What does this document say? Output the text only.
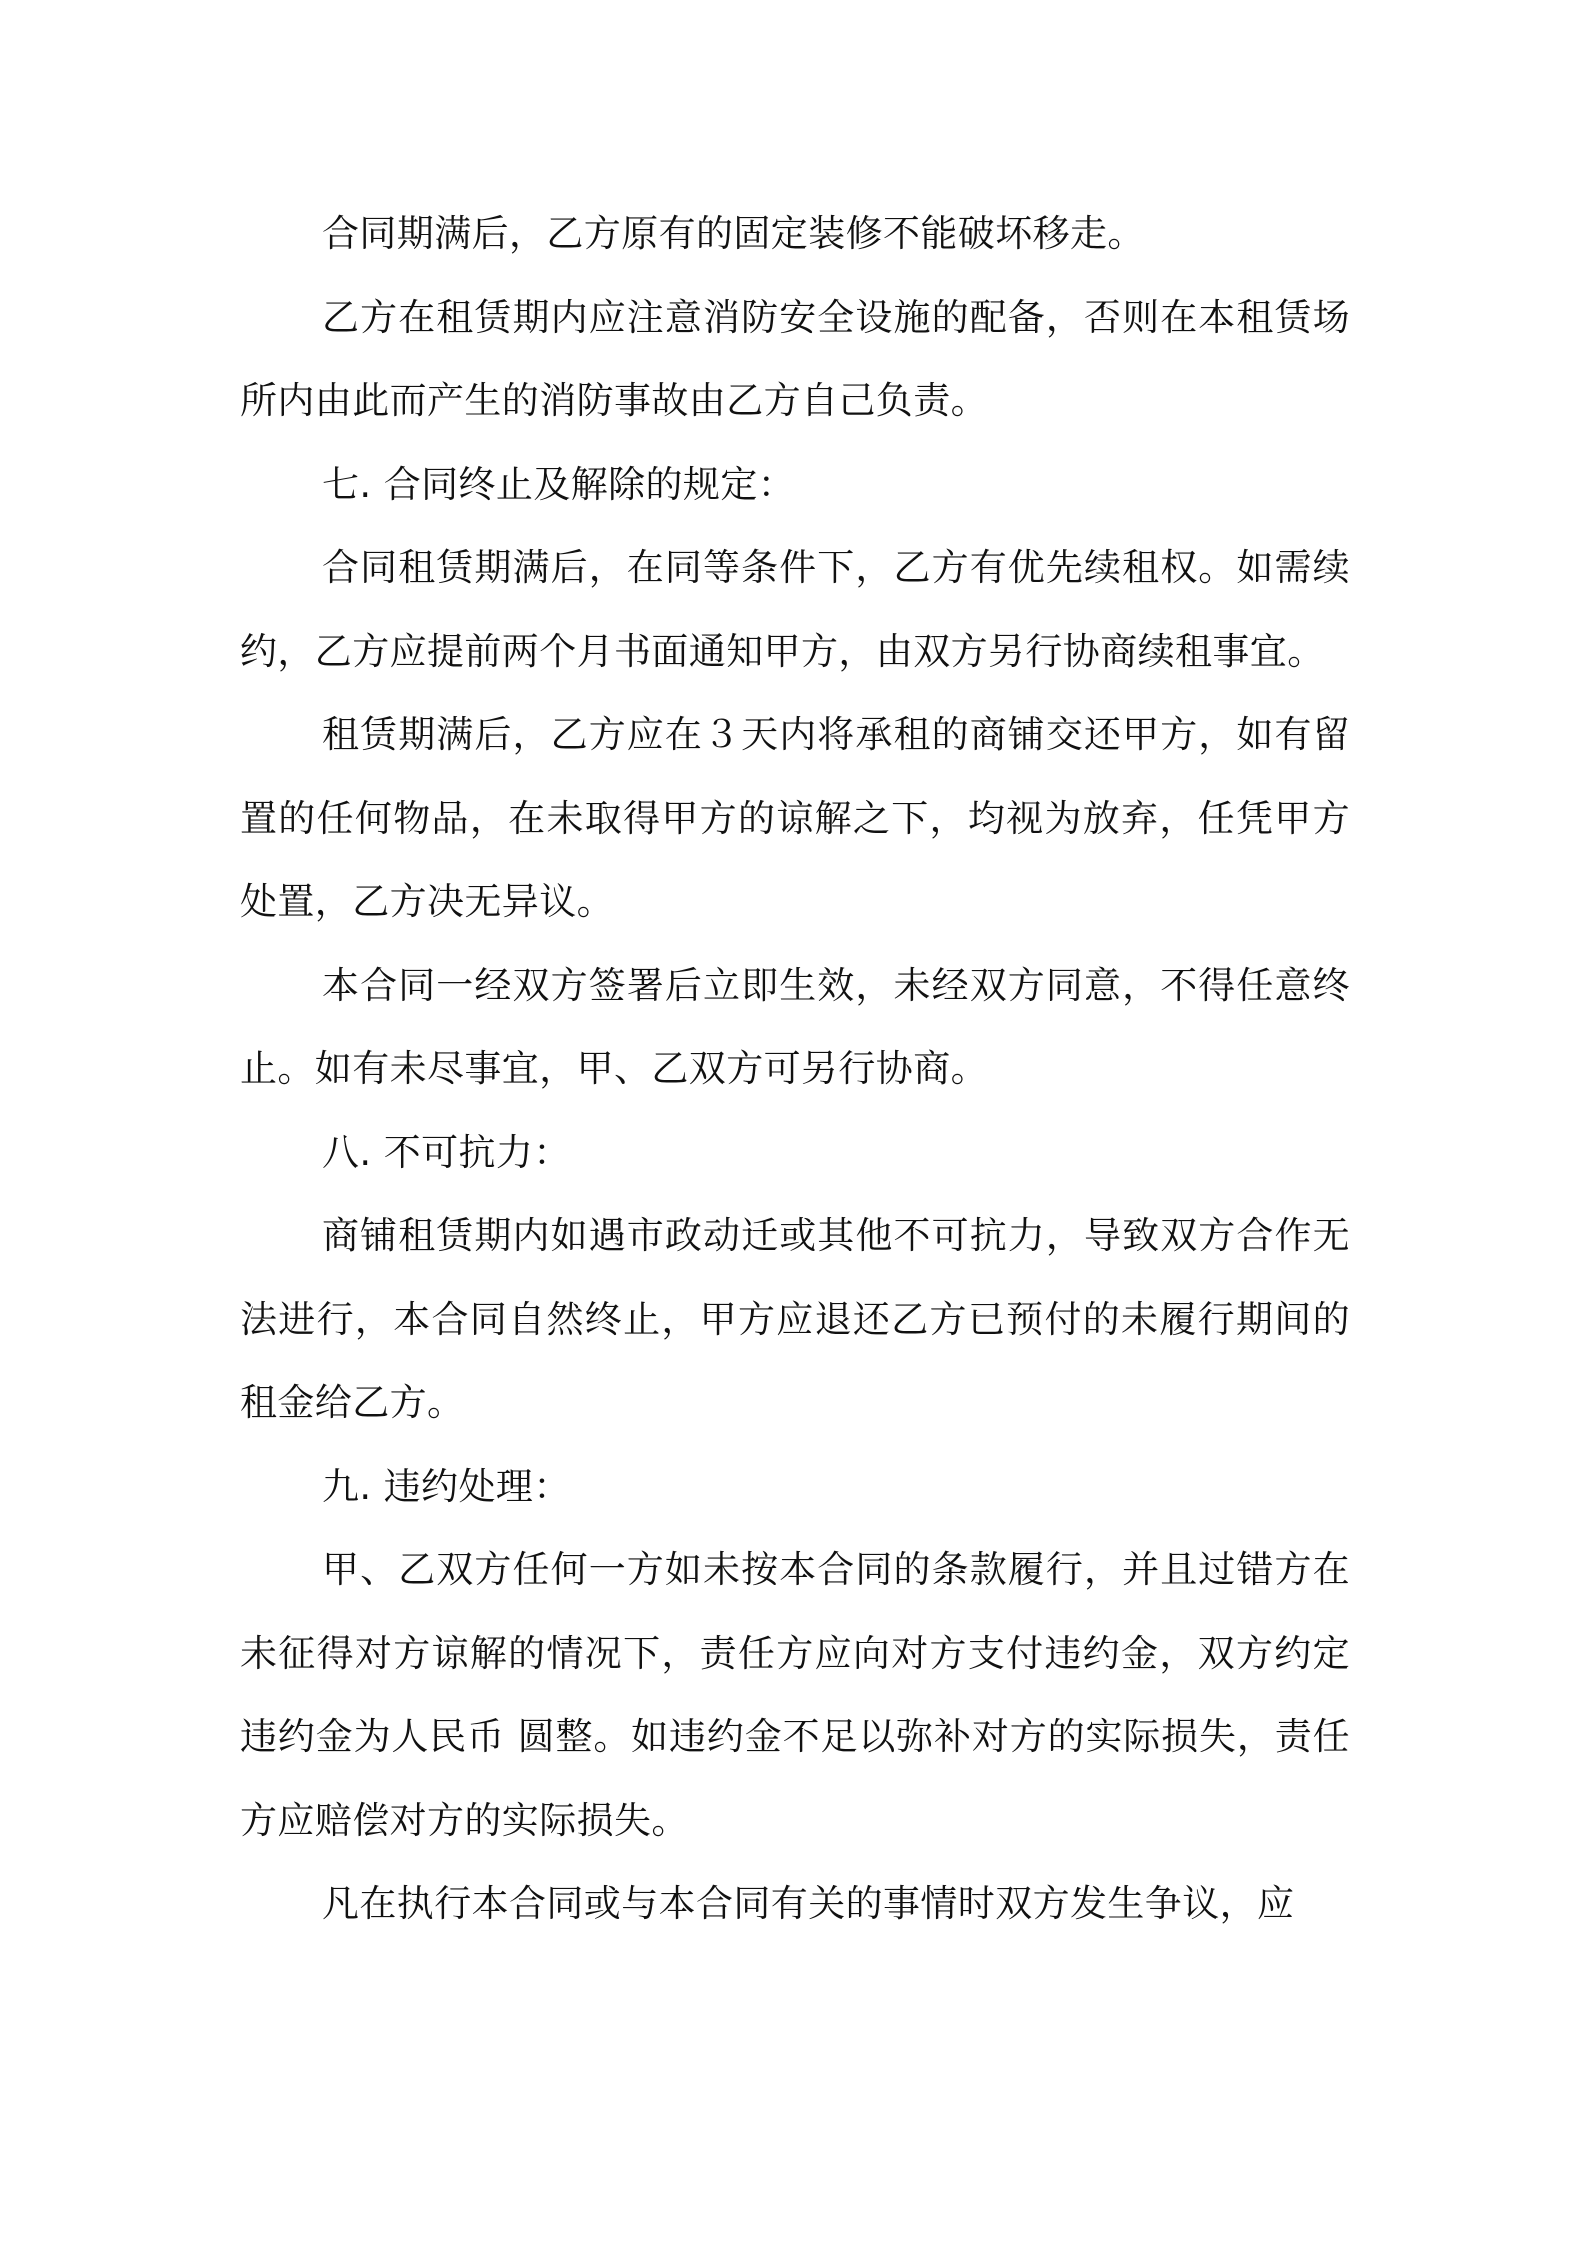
合同期满后，乙方原有的固定装修不能破坏移走。

乙方在租赁期内应注意消防安全设施的配备，否则在本租赁场所内由此而产生的消防事故由乙方自己负责。

七. 合同终止及解除的规定：

合同租赁期满后，在同等条件下，乙方有优先续租权。如需续约，乙方应提前两个月书面通知甲方，由双方另行协商续租事宜。

租赁期满后，乙方应在３天内将承租的商铺交还甲方，如有留置的任何物品，在未取得甲方的谅解之下，均视为放弃，任凭甲方处置，乙方决无异议。

本合同一经双方签署后立即生效，未经双方同意，不得任意终止。如有未尽事宜，甲、乙双方可另行协商。

八. 不可抗力：

商铺租赁期内如遇市政动迁或其他不可抗力，导致双方合作无法进行，本合同自然终止，甲方应退还乙方已预付的未履行期间的租金给乙方。

九. 违约处理：

甲、乙双方任何一方如未按本合同的条款履行，并且过错方在未征得对方谅解的情况下，责任方应向对方支付违约金，双方约定违约金为人民币 圆整。如违约金不足以弥补对方的实际损失，责任方应赔偿对方的实际损失。

凡在执行本合同或与本合同有关的事情时双方发生争议，应
